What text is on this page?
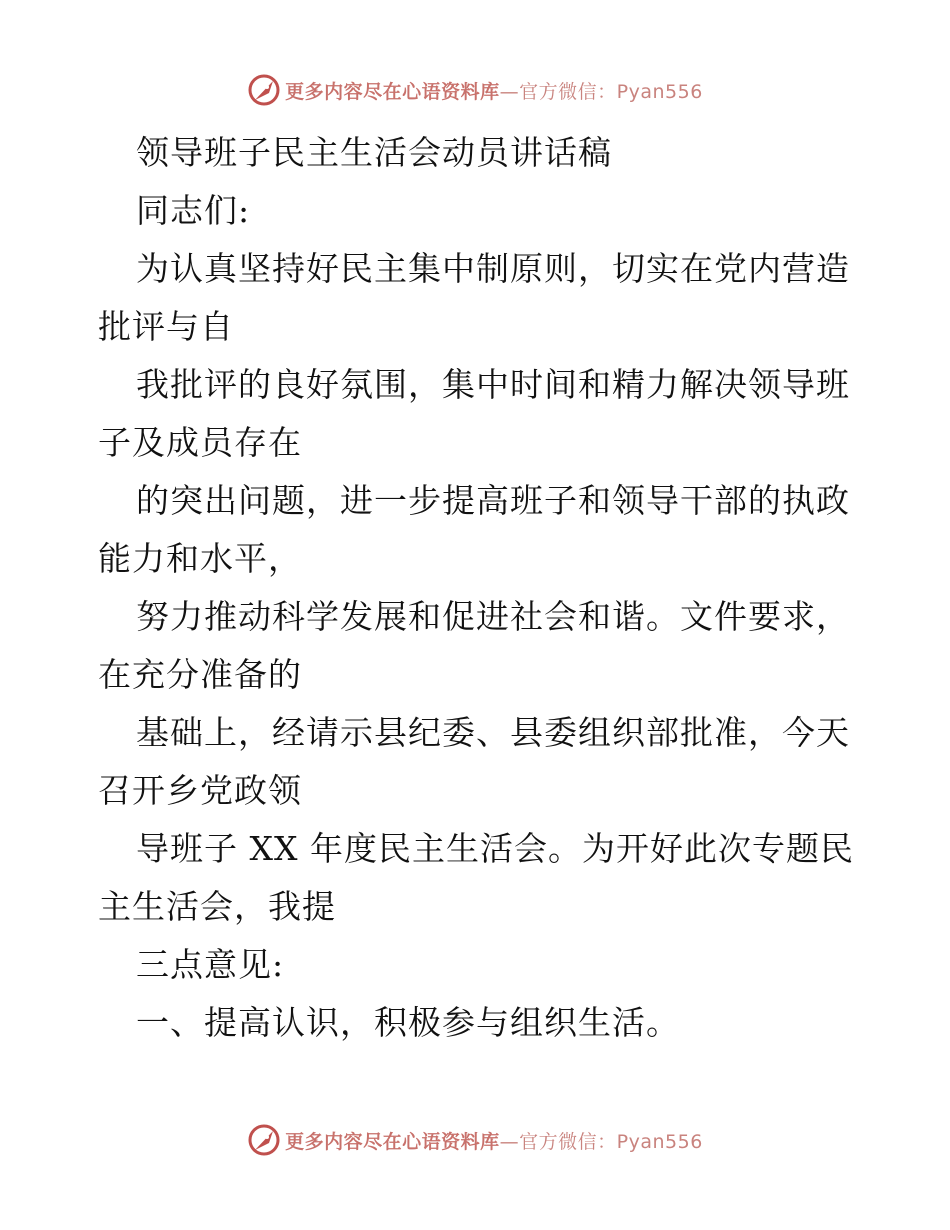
更多内容尽在心语资料库—官方微信：Pyan556
领导班子民主生活会动员讲话稿
同志们:
为认真坚持好民主集中制原则，切实在党内营造
批评与自
我批评的良好氛围，集中时间和精力解决领导班
子及成员存在
的突出问题，进一步提高班子和领导干部的执政
能力和水平，
努力推动科学发展和促进社会和谐。文件要求，
在充分准备的
基础上，经请示县纪委、县委组织部批准，今天
召开乡党政领
导班子 XX 年度民主生活会。为开好此次专题民
主生活会，我提
三点意见:
一、提高认识，积极参与组织生活。
更多内容尽在心语资料库—官方微信：Pyan556
